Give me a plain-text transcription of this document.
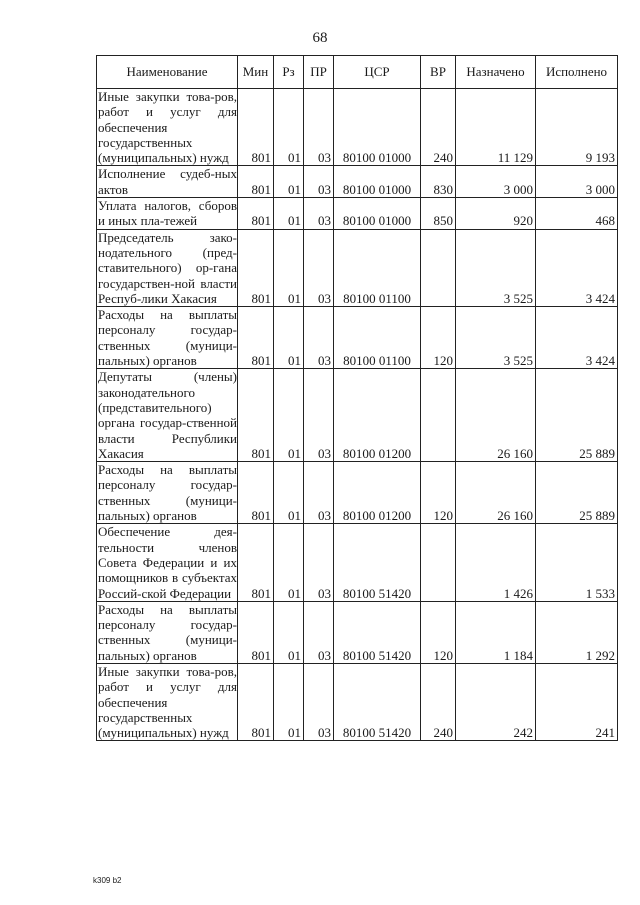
68
Наименование	Мин	Рз	ПР	ЦСР	ВР	Назначено	Исполнено
Иные закупки това-ров, работ и услуг для обеспечения государственных (муниципальных) нужд	801	01	03	80100 01000	240	11 129	9 193
Исполнение судеб-ных актов	801	01	03	80100 01000	830	3 000	3 000
Уплата налогов, сборов и иных пла-тежей	801	01	03	80100 01000	850	920	468
Председатель зако-нодательного (пред-ставительного) ор-гана государствен-ной власти Респуб-лики Хакасия	801	01	03	80100 01100		3 525	3 424
Расходы на выплаты персоналу государ-ственных (муници-пальных) органов	801	01	03	80100 01100	120	3 525	3 424
Депутаты (члены) законодательного (представительного) органа государ-ственной власти Республики Хакасия	801	01	03	80100 01200		26 160	25 889
Расходы на выплаты персоналу государ-ственных (муници-пальных) органов	801	01	03	80100 01200	120	26 160	25 889
Обеспечение дея-тельности членов Совета Федерации и их помощников в субъектах Россий-ской Федерации	801	01	03	80100 51420		1 426	1 533
Расходы на выплаты персоналу государ-ственных (муници-пальных) органов	801	01	03	80100 51420	120	1 184	1 292
Иные закупки това-ров, работ и услуг для обеспечения государственных (муниципальных) нужд	801	01	03	80100 51420	240	242	241
k309 b2
